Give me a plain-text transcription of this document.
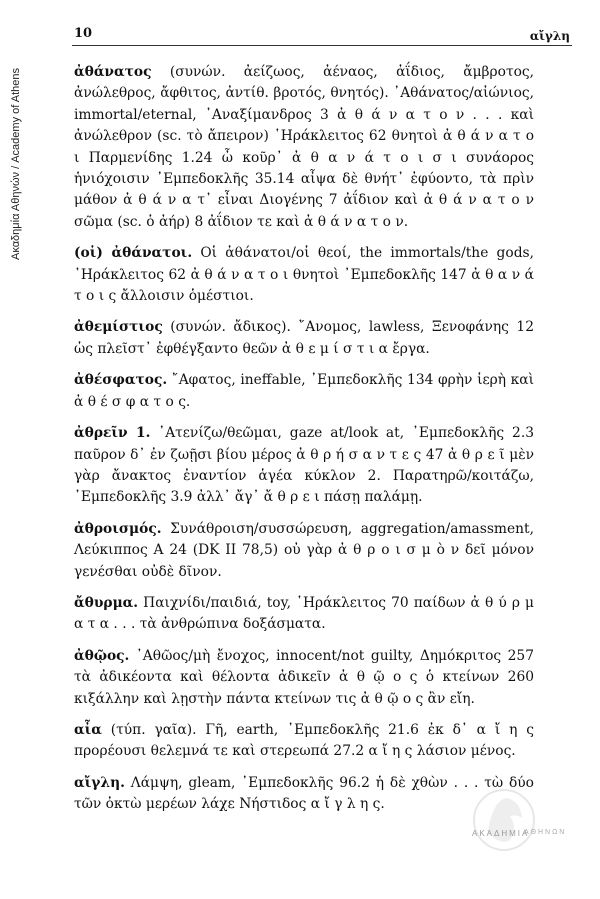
Ακαδημία Αθηνών / Academy of Athens
10	αἴγλη

ἀθάνατος (συνών. ἀείζωος, ἀέναος, ἀΐδιος, ἄμβροτος, ἀνώλεθρος, ἄφθιτος, ἀντίθ. βροτός, θνητός). ᾽Αθάνατος/αἰώνιος, immortal/eternal, ᾽Αναξίμανδρος 3 ἀ θ ά ν α τ ο ν . . . καὶ ἀνώλεθρον (sc. τὸ ἄπειρον) ῾Ηράκλειτος 62 θνητοὶ ἀ θ ά ν α τ ο ι Παρμενίδης 1.24 ὦ κοῦρ᾽ ἀ θ α ν ά τ ο ι σ ι συνάορος ἡνιόχοισιν ᾽Εμπεδοκλῆς 35.14 αἶψα δὲ θνήτ᾽ ἐφύοντο, τὰ πρὶν μάθον ἀ θ ά ν α τ᾽ εἶναι Διογένης 7 ἀΐδιον καὶ ἀ θ ά ν α τ ο ν σῶμα (sc. ὁ ἀήρ) 8 ἀΐδιον τε καὶ ἀ θ ά ν α τ ο ν.

(οἱ) ἀθάνατοι. Οἱ ἀθάνατοι/οἱ θεοί, the immortals/the gods, ῾Ηράκλειτος 62 ἀ θ ά ν α τ ο ι θνητοὶ ᾽Εμπεδοκλῆς 147 ἀ θ α ν ά τ ο ι ς ἄλλοισιν ὁμέστιοι.

ἀθεμίστιος (συνών. ἄδικος). ῎Ανομος, lawless, Ξενοφάνης 12 ὡς πλεῖστ᾽ ἐφθέγξαντο θεῶν ἀ θ ε μ ί σ τ ι α ἔργα.

ἀθέσφατος. ῎Αφατος, ineffable, ᾽Εμπεδοκλῆς 134 φρὴν ἱερὴ καὶ ἀ θ έ σ φ α τ ο ς.

ἀθρεῖν 1. ᾽Ατενίζω/θεῶμαι, gaze at/look at, ᾽Εμπεδοκλῆς 2.3 παῦρον δ᾽ ἐν ζωῇσι βίου μέρος ἀ θ ρ ή σ α ν τ ε ς 47 ἀ θ ρ ε ῖ μὲν γὰρ ἄνακτος ἐναντίον ἁγέα κύκλον 2. Παρατηρῶ/κοιτάζω, ᾽Εμπεδοκλῆς 3.9 ἀλλ᾽ ἄγ᾽ ἄ θ ρ ε ι πάσῃ παλάμῃ.

ἀθροισμός. Συνάθροιση/συσσώρευση, aggregation/amassment, Λεύκιππος Α 24 (DK II 78,5) οὐ γὰρ ἀ θ ρ ο ι σ μ ὸ ν δεῖ μόνον γενέσθαι οὐδὲ δῖνον.

ἄθυρμα. Παιχνίδι/παιδιά, toy, ῾Ηράκλειτος 70 παίδων ἀ θ ύ ρ μ α τ α . . . τὰ ἀνθρώπινα δοξάσματα.

ἀθῷος. ᾽Αθῶος/μὴ ἔνοχος, innocent/not guilty, Δημόκριτος 257 τὰ ἀδικέοντα καὶ θέλοντα ἀδικεῖν ἀ θ ῷ ο ς ὁ κτείνων 260 κιξάλλην καὶ λῃστὴν πάντα κτείνων τις ἀ θ ῷ ο ς ἂν εἴη.

αἶα (τύπ. γαῖα). Γῆ, earth, ᾽Εμπεδοκλῆς 21.6 ἐκ δ᾽ α ἴ η ς προρέουσι θελεμνά τε καὶ στερεωπά 27.2 α ἴ η ς λάσιον μένος.

αἴγλη. Λάμψη, gleam, ᾽Εμπεδοκλῆς 96.2 ἡ δὲ χθὼν . . . τὼ δύο τῶν ὀκτὼ μερέων λάχε Νήστιδος α ἴ γ λ η ς.

ΑΚΑΔΗΜΙΑ
ΑΘΗΝΩΝ
